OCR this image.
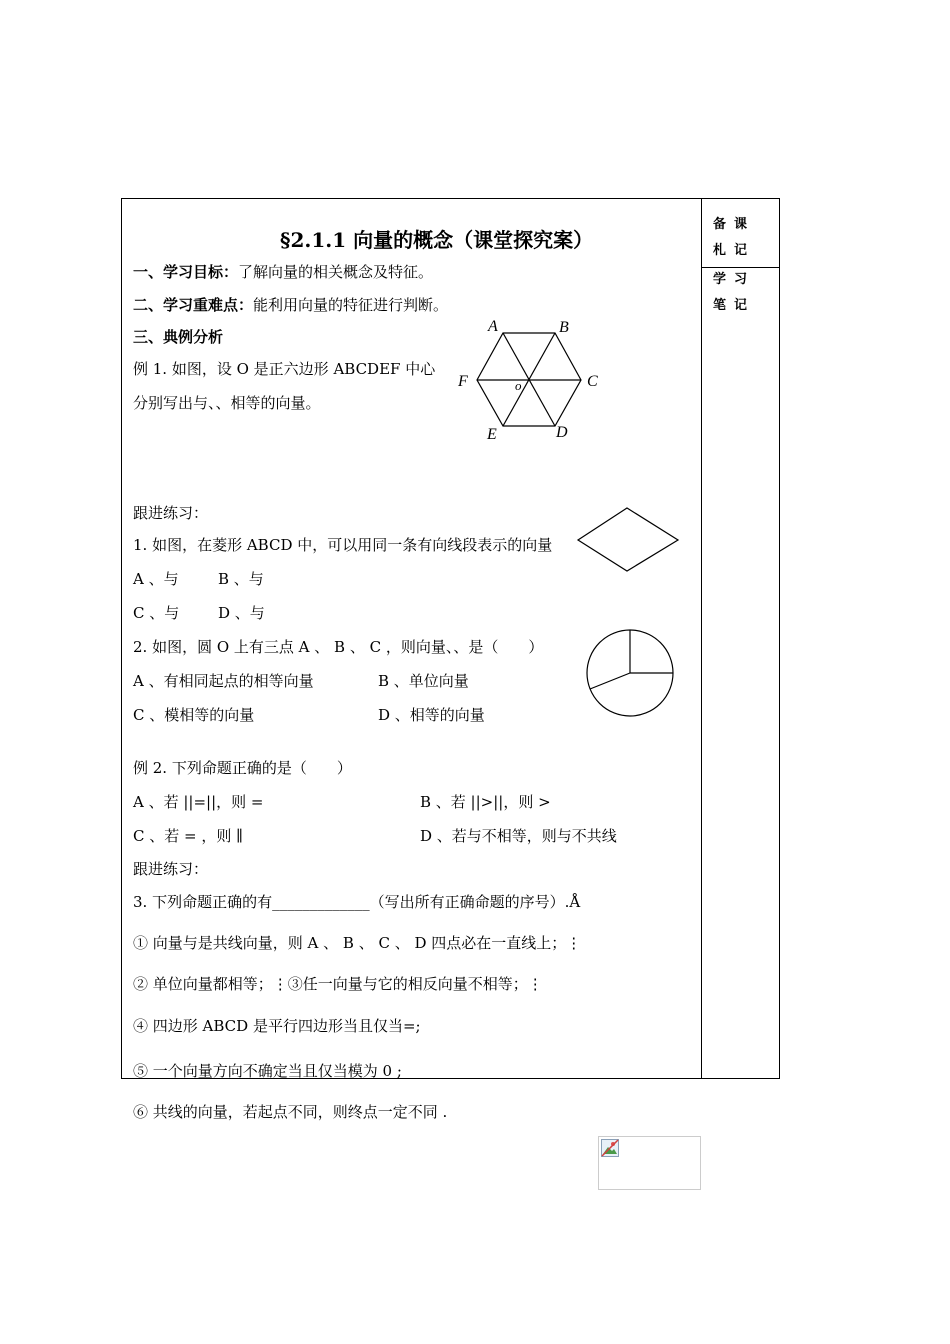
备课札记
学习笔记
§2.1.1 向量的概念（课堂探究案）
一、学习目标：了解向量的相关概念及特征。
二、学习重难点：能利用向量的特征进行判断。
三、典例分析
例 1. 如图，设 O 是正六边形 ABCDEF 中心
分别写出与、、相等的向量。
A	B
C
D
E
F	o
跟进练习：
1. 如图，在菱形 ABCD 中，可以用同一条有向线段表示的向量
A 、与	B 、与
C 、与	D 、与
2. 如图，圆 O 上有三点 A 、 B 、 C ，则向量、、是（　　）
A 、有相同起点的相等向量	B 、单位向量
C 、模相等的向量	D 、相等的向量
例 2. 下列命题正确的是（　　）
A 、若 ||=||，则 =	B 、若 ||>||，则 >
C 、若 = ，则 ∥	D 、若与不相等，则与不共线
跟进练习：
3. 下列命题正确的有_____________（写出所有正确命题的序号）.Å
① 向量与是共线向量，则 A 、 B 、 C 、 D 四点必在一直线上；⋮
② 单位向量都相等；⋮③任一向量与它的相反向量不相等；⋮
④ 四边形 ABCD 是平行四边形当且仅当=;
⑤ 一个向量方向不确定当且仅当模为 0 ;
⑥ 共线的向量，若起点不同，则终点一定不同 .
